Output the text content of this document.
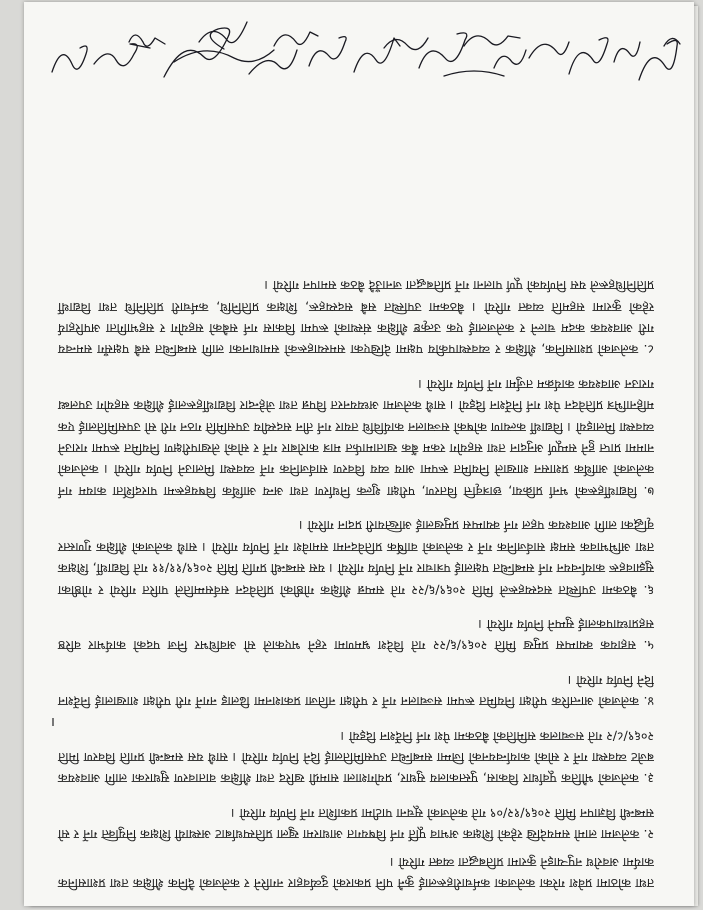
तथा कोठामा प्रवेश गरेका कलेजका कर्मचारीहरूलाई कुनै पनि प्रकारको दुर्व्यवहार नगरिने र कलेजको दैनिक शैक्षिक तथा प्रशासनिक कार्यमा अवरोध नपुऱ्याइने कुरामा प्रतिबद्धता व्यक्त गरियो ।

२. कलेजमा लामो समयदेखि रहेको शिक्षक अभाव पूर्ति गर्न विषयगत आधारमा खुला प्रतिस्पर्धाबाट अस्थायी शिक्षक नियुक्ति गर्ने र सो सम्बन्धी विज्ञापन मिति २०६९/१२/०९ गते कलेजको सूचना पाटीमा प्रकाशित गर्ने निर्णय गरियो ।

३. कलेजको भौतिक पूर्वाधार विकास, पुस्तकालय सुधार, प्रयोगशाला सामग्री खरिद तथा शैक्षिक वातावरण सुधारका लागि आवश्यक बजेट व्यवस्था गर्ने र सोको कार्यान्वयनको जिम्मा सम्बन्धित उपसमितिलाई दिने निर्णय गरियो । साथै यस सम्बन्धी प्रगति विवरण मिति २०६९/८/२ गते सञ्चालक समितिको बैठकमा पेश गर्न निर्देशन दिइयो ।

४. कलेजको आन्तरिक परीक्षा नियमित रूपमा सञ्चालन गर्ने र परीक्षा नतिजा प्रकाशनमा ढिलाइ नगर्ने गरी परीक्षा शाखालाई निर्देशन दिने निर्णय गरियो ।

५. सहायक क्याम्पस प्रमुख मिति २०६९/६/२२ गते विदेश भ्रमणमा रहने भएकाले सो अवधिभर निज पदको कार्यभार वरिष्ठ सहप्राध्यापकलाई सुम्पने निर्णय गरियो ।

६. बैठकमा उपस्थित सदस्यहरूले मिति २०६९/६/२२ गते सम्पन्न शैक्षिक गोष्ठीको प्रतिवेदन सर्वसम्मतिले पारित गरियो र गोष्ठीका सुझावहरू कार्यान्वयन गर्न सम्बन्धित पक्षलाई पत्राचार गर्ने निर्णय गरियो । यस सम्बन्धी प्रगति मिति २०६९/११/११ गते विद्यार्थी, शिक्षक तथा अभिभावक समक्ष सार्वजनिक गर्ने र कलेजको वार्षिक प्रतिवेदनमा समावेश गर्ने निर्णय गरियो । साथै कलेजको शैक्षिक गुणस्तर वृद्धिका लागि आवश्यक पहल गर्न क्याम्पस प्रमुखलाई अख्तियारी प्रदान गरियो ।

७. विद्यार्थीहरूको भर्ना प्रक्रिया, छात्रवृत्ति वितरण, परीक्षा शुल्क निर्धारण तथा अन्य आर्थिक विषयहरूमा पारदर्शिता कायम गर्न कलेजको आर्थिक प्रशासन शाखाले नियमित रूपमा आय व्यय विवरण सार्वजनिक गर्ने व्यवस्था मिलाउने निर्णय गरियो । कलेजको नाममा प्राप्त हुने सम्पूर्ण अनुदान तथा सहयोग रकम बैंक खातामार्फत मात्र कारोबार गर्ने र सोको लेखापरीक्षण नियमित रूपमा गराउने व्यवस्था मिलाइयो । विद्यार्थी कल्याण कोषको सञ्चालन कार्यविधि तयार गर्न तीन सदस्यीय उपसमिति गठन गरी सो उपसमितिलाई एक महिनाभित्र प्रतिवेदन पेश गर्न निर्देशन दिइयो । साथै कलेजमा अध्ययनरत विपन्न तथा जेहेन्दार विद्यार्थीहरूलाई शैक्षिक सहयोग उपलब्ध गराउन आवश्यक कार्यक्रम तर्जुमा गर्ने निर्णय गरियो ।

८. कलेजको प्रशासनिक, शैक्षिक र व्यवस्थापकीय पक्षमा देखिएका समस्याहरूको समाधानका लागि सम्बन्धित सबै पक्षसँग समन्वय गरी आवश्यक कदम चाल्ने र कलेजलाई एक उत्कृष्ट शैक्षिक संस्थाको रूपमा विकास गर्न सबैको सहयोग र सहभागिता अपरिहार्य रहेको कुरामा सहमति व्यक्त गरियो । बैठकमा उपस्थित सबै सदस्यहरू, शिक्षक प्रतिनिधि, कर्मचारी प्रतिनिधि तथा विद्यार्थी प्रतिनिधिहरूले यस निर्णयको पूर्ण पालना गर्ने प्रतिबद्धता जनाउँदै बैठक समापन गरियो ।
